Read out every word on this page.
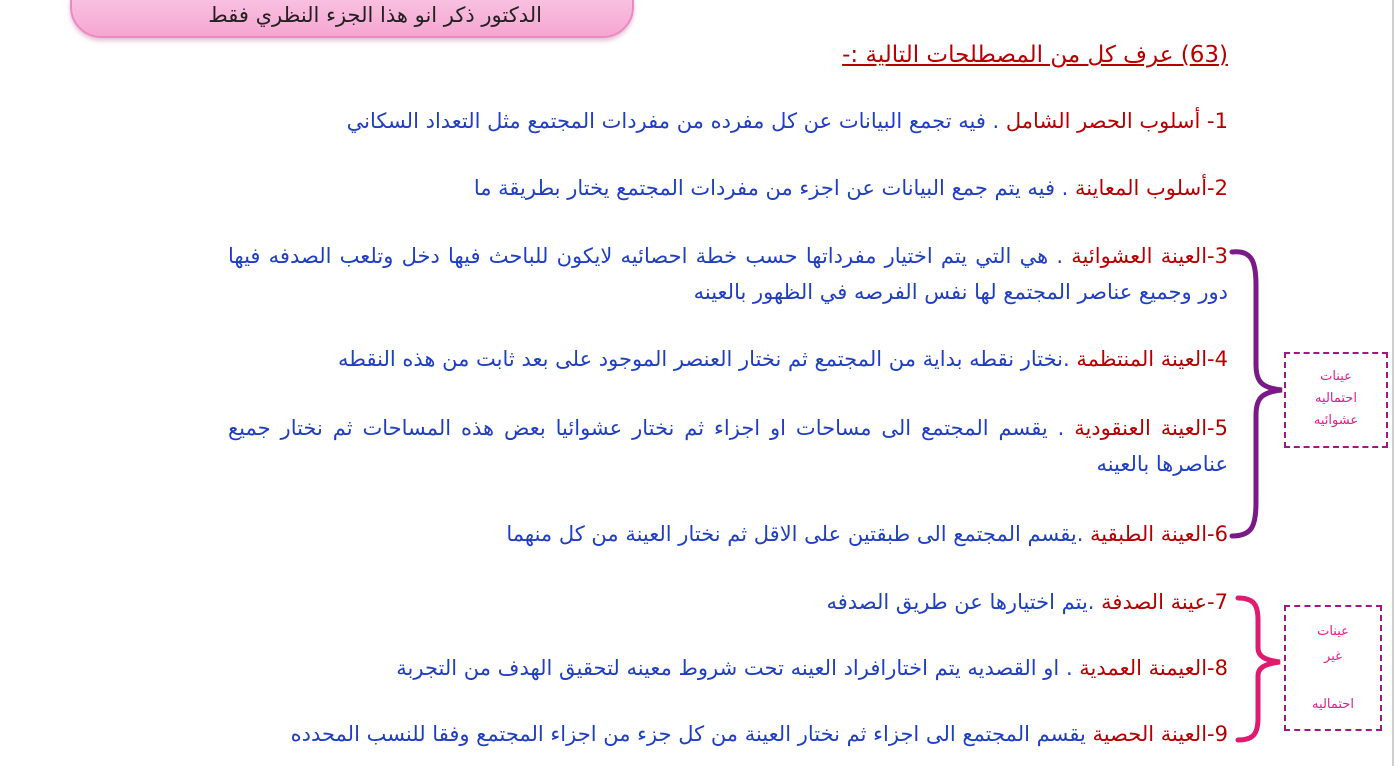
الدكتور ذكر انو هذا الجزء النظري فقط

(63) عرف كل من المصطلحات التالية :-

1- أسلوب الحصر الشامل . فيه تجمع البيانات عن كل مفرده من مفردات المجتمع مثل التعداد السكاني

2-أسلوب المعاينة . فيه يتم جمع البيانات عن اجزء من مفردات المجتمع يختار بطريقة ما

3-العينة العشوائية . هي التي يتم اختيار مفرداتها حسب خطة احصائيه لايكون للباحث فيها دخل وتلعب الصدفه فيها دور وجميع عناصر المجتمع لها نفس الفرصه في الظهور بالعينه

4-العينة المنتظمة .نختار نقطه بداية من المجتمع ثم نختار العنصر الموجود على بعد ثابت من هذه النقطه

5-العينة العنقودية . يقسم المجتمع الى مساحات او اجزاء ثم نختار عشوائيا بعض هذه المساحات ثم نختار جميع عناصرها بالعينه

6-العينة الطبقية .يقسم المجتمع الى طبقتين على الاقل ثم نختار العينة من كل منهما

7-عينة الصدفة .يتم اختيارها عن طريق الصدفه

8-العيمنة العمدية . او القصديه يتم اختارافراد العينه تحت شروط معينه لتحقيق الهدف من التجربة

9-العينة الحصية يقسم المجتمع الى اجزاء ثم نختار العينة من كل جزء من اجزاء المجتمع وفقا للنسب المحدده

عينات
احتماليه
عشوائيه
عينات
غير
احتماليه
